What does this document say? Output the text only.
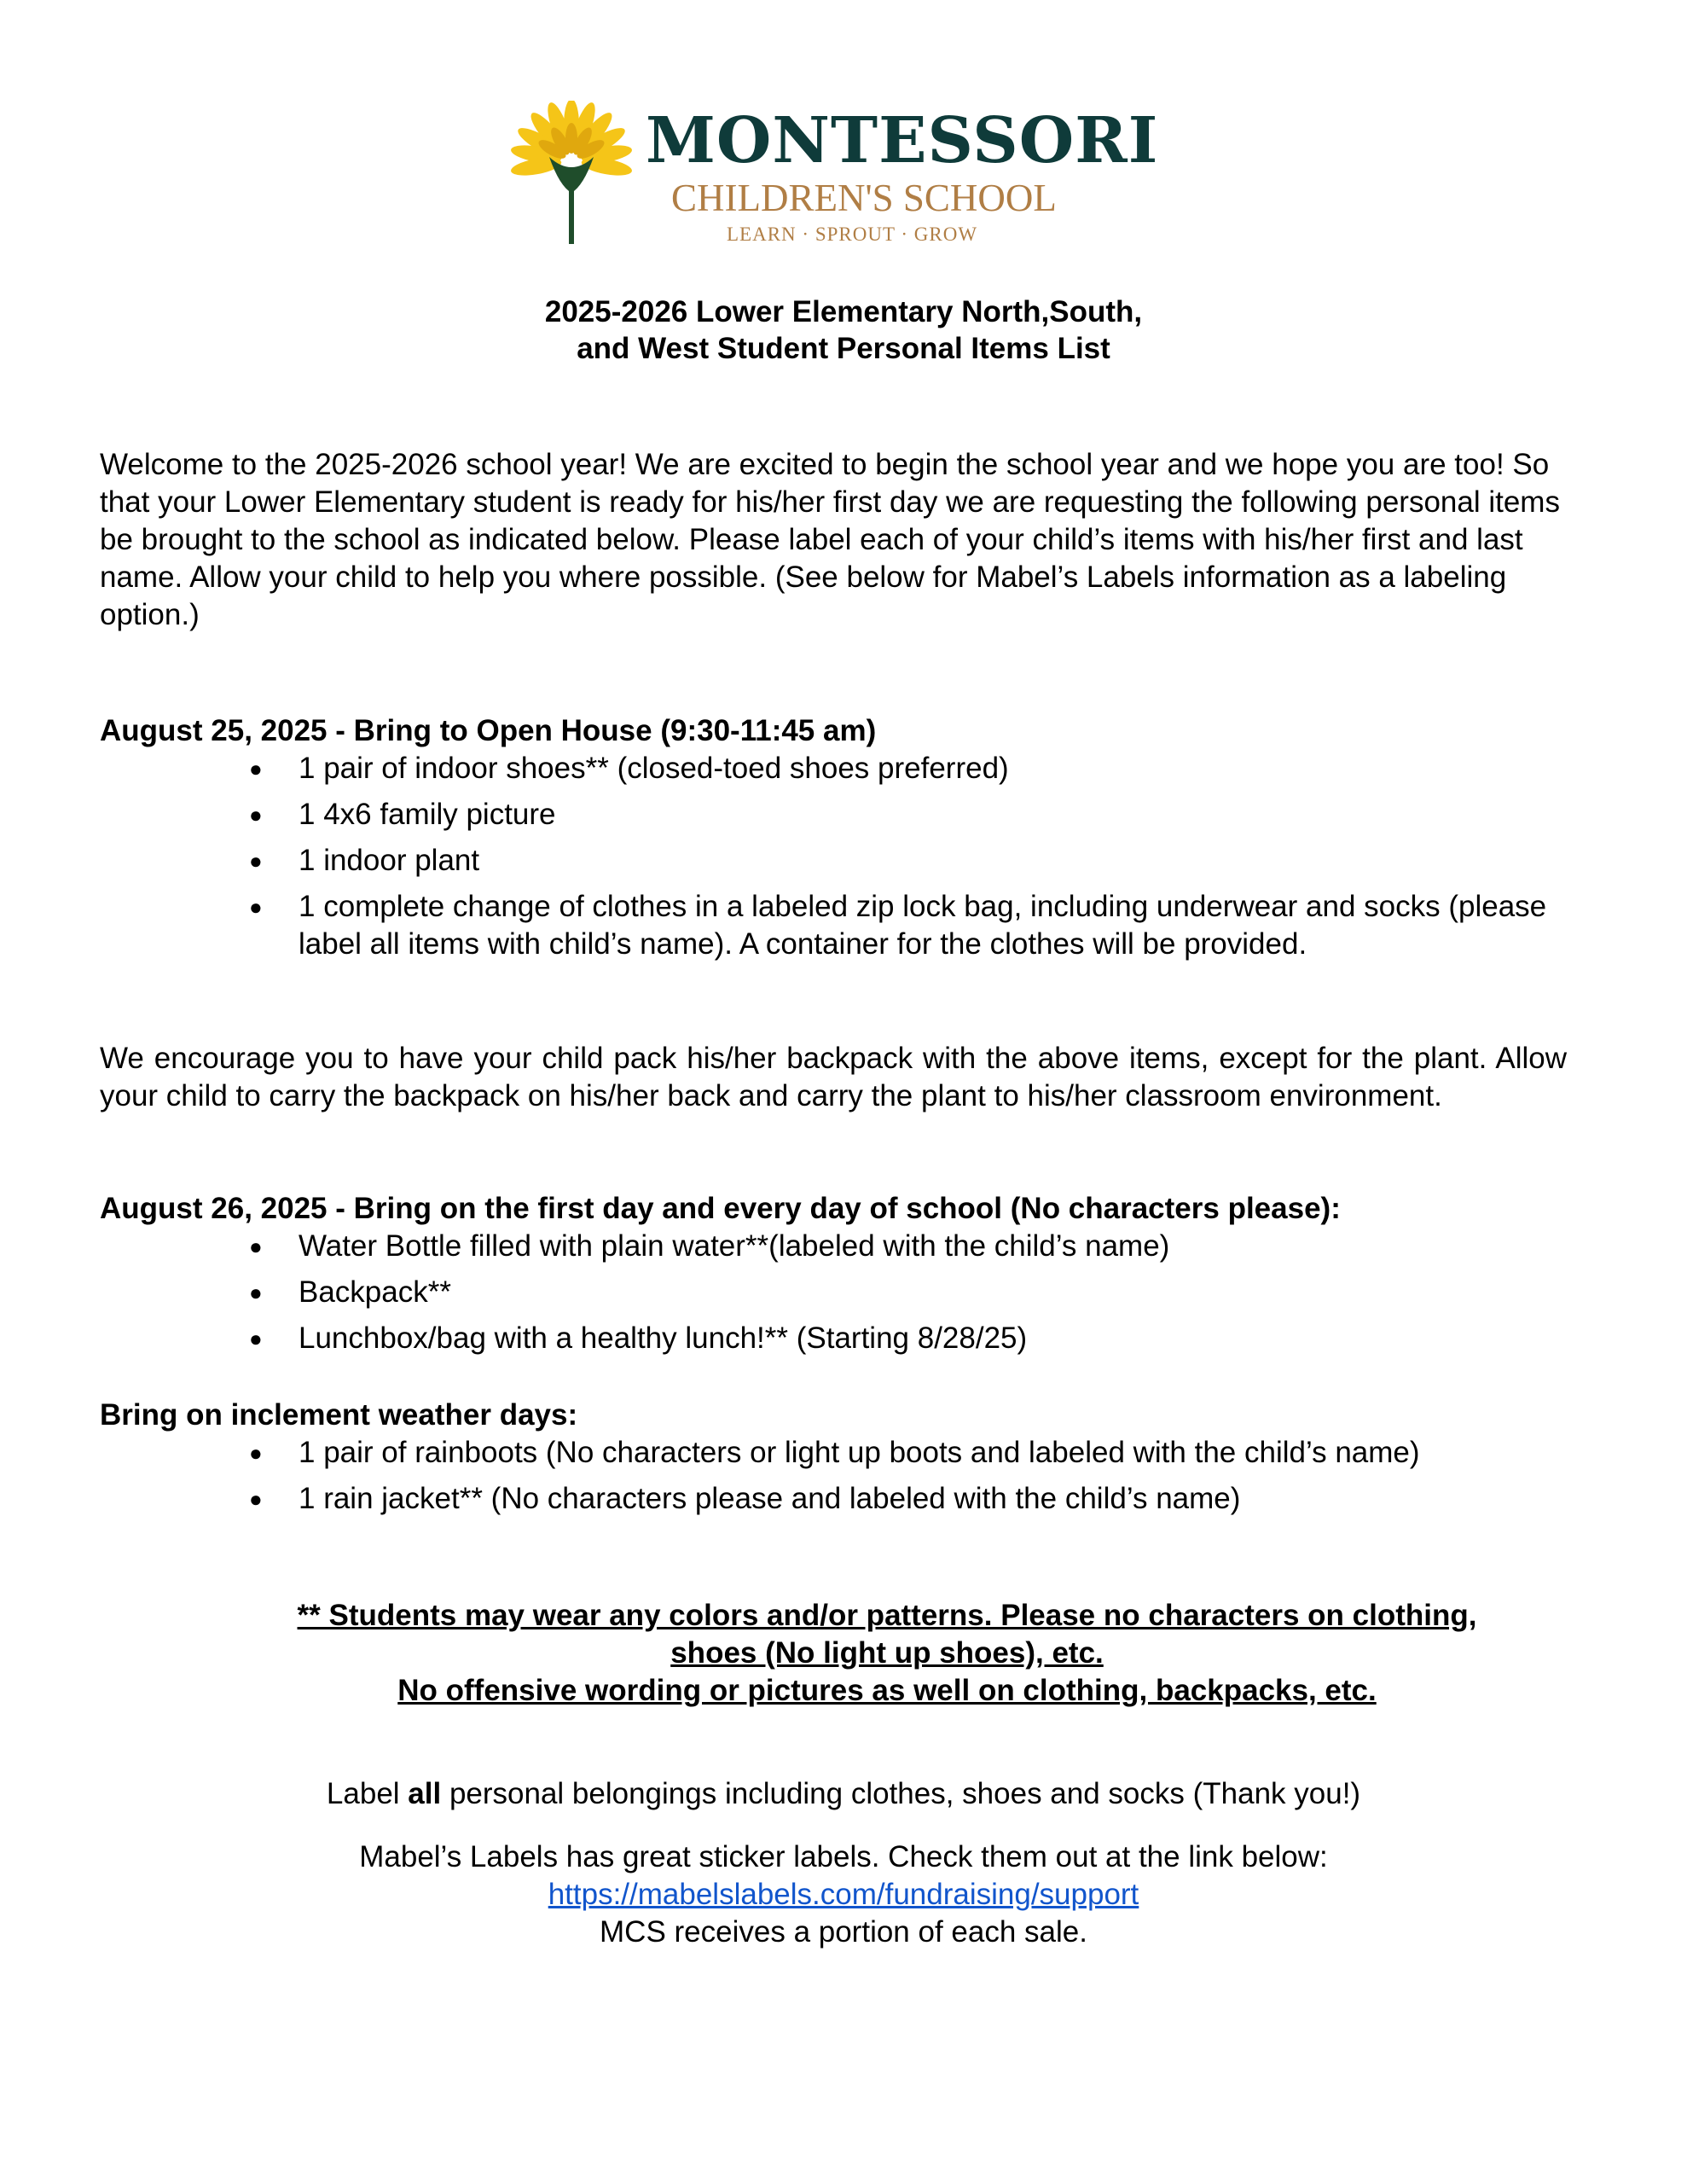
MONTESSORI
CHILDREN'S SCHOOL
LEARN · SPROUT · GROW
2025-2026 Lower Elementary North,South,
and West Student Personal Items List
Welcome to the 2025-2026 school year! We are excited to begin the school year and we hope you are too! So that your Lower Elementary student is ready for his/her first day we are requesting the following personal items be brought to the school as indicated below. Please label each of your child’s items with his/her first and last name. Allow your child to help you where possible. (See below for Mabel’s Labels information as a labeling option.)
August 25, 2025 - Bring to Open House (9:30-11:45 am)
● 1 pair of indoor shoes** (closed-toed shoes preferred)
● 1 4x6 family picture
● 1 indoor plant
● 1 complete change of clothes in a labeled zip lock bag, including underwear and socks (please label all items with child’s name). A container for the clothes will be provided.
We encourage you to have your child pack his/her backpack with the above items, except for the plant. Allow your child to carry the backpack on his/her back and carry the plant to his/her classroom environment.
August 26, 2025 - Bring on the first day and every day of school (No characters please):
● Water Bottle filled with plain water**(labeled with the child’s name)
● Backpack**
● Lunchbox/bag with a healthy lunch!** (Starting 8/28/25)
Bring on inclement weather days:
● 1 pair of rainboots (No characters or light up boots and labeled with the child’s name)
● 1 rain jacket** (No characters please and labeled with the child’s name)
** Students may wear any colors and/or patterns. Please no characters on clothing,
shoes (No light up shoes), etc.
No offensive wording or pictures as well on clothing, backpacks, etc.
Label all personal belongings including clothes, shoes and socks (Thank you!)
Mabel’s Labels has great sticker labels. Check them out at the link below:
https://mabelslabels.com/fundraising/support
MCS receives a portion of each sale.
